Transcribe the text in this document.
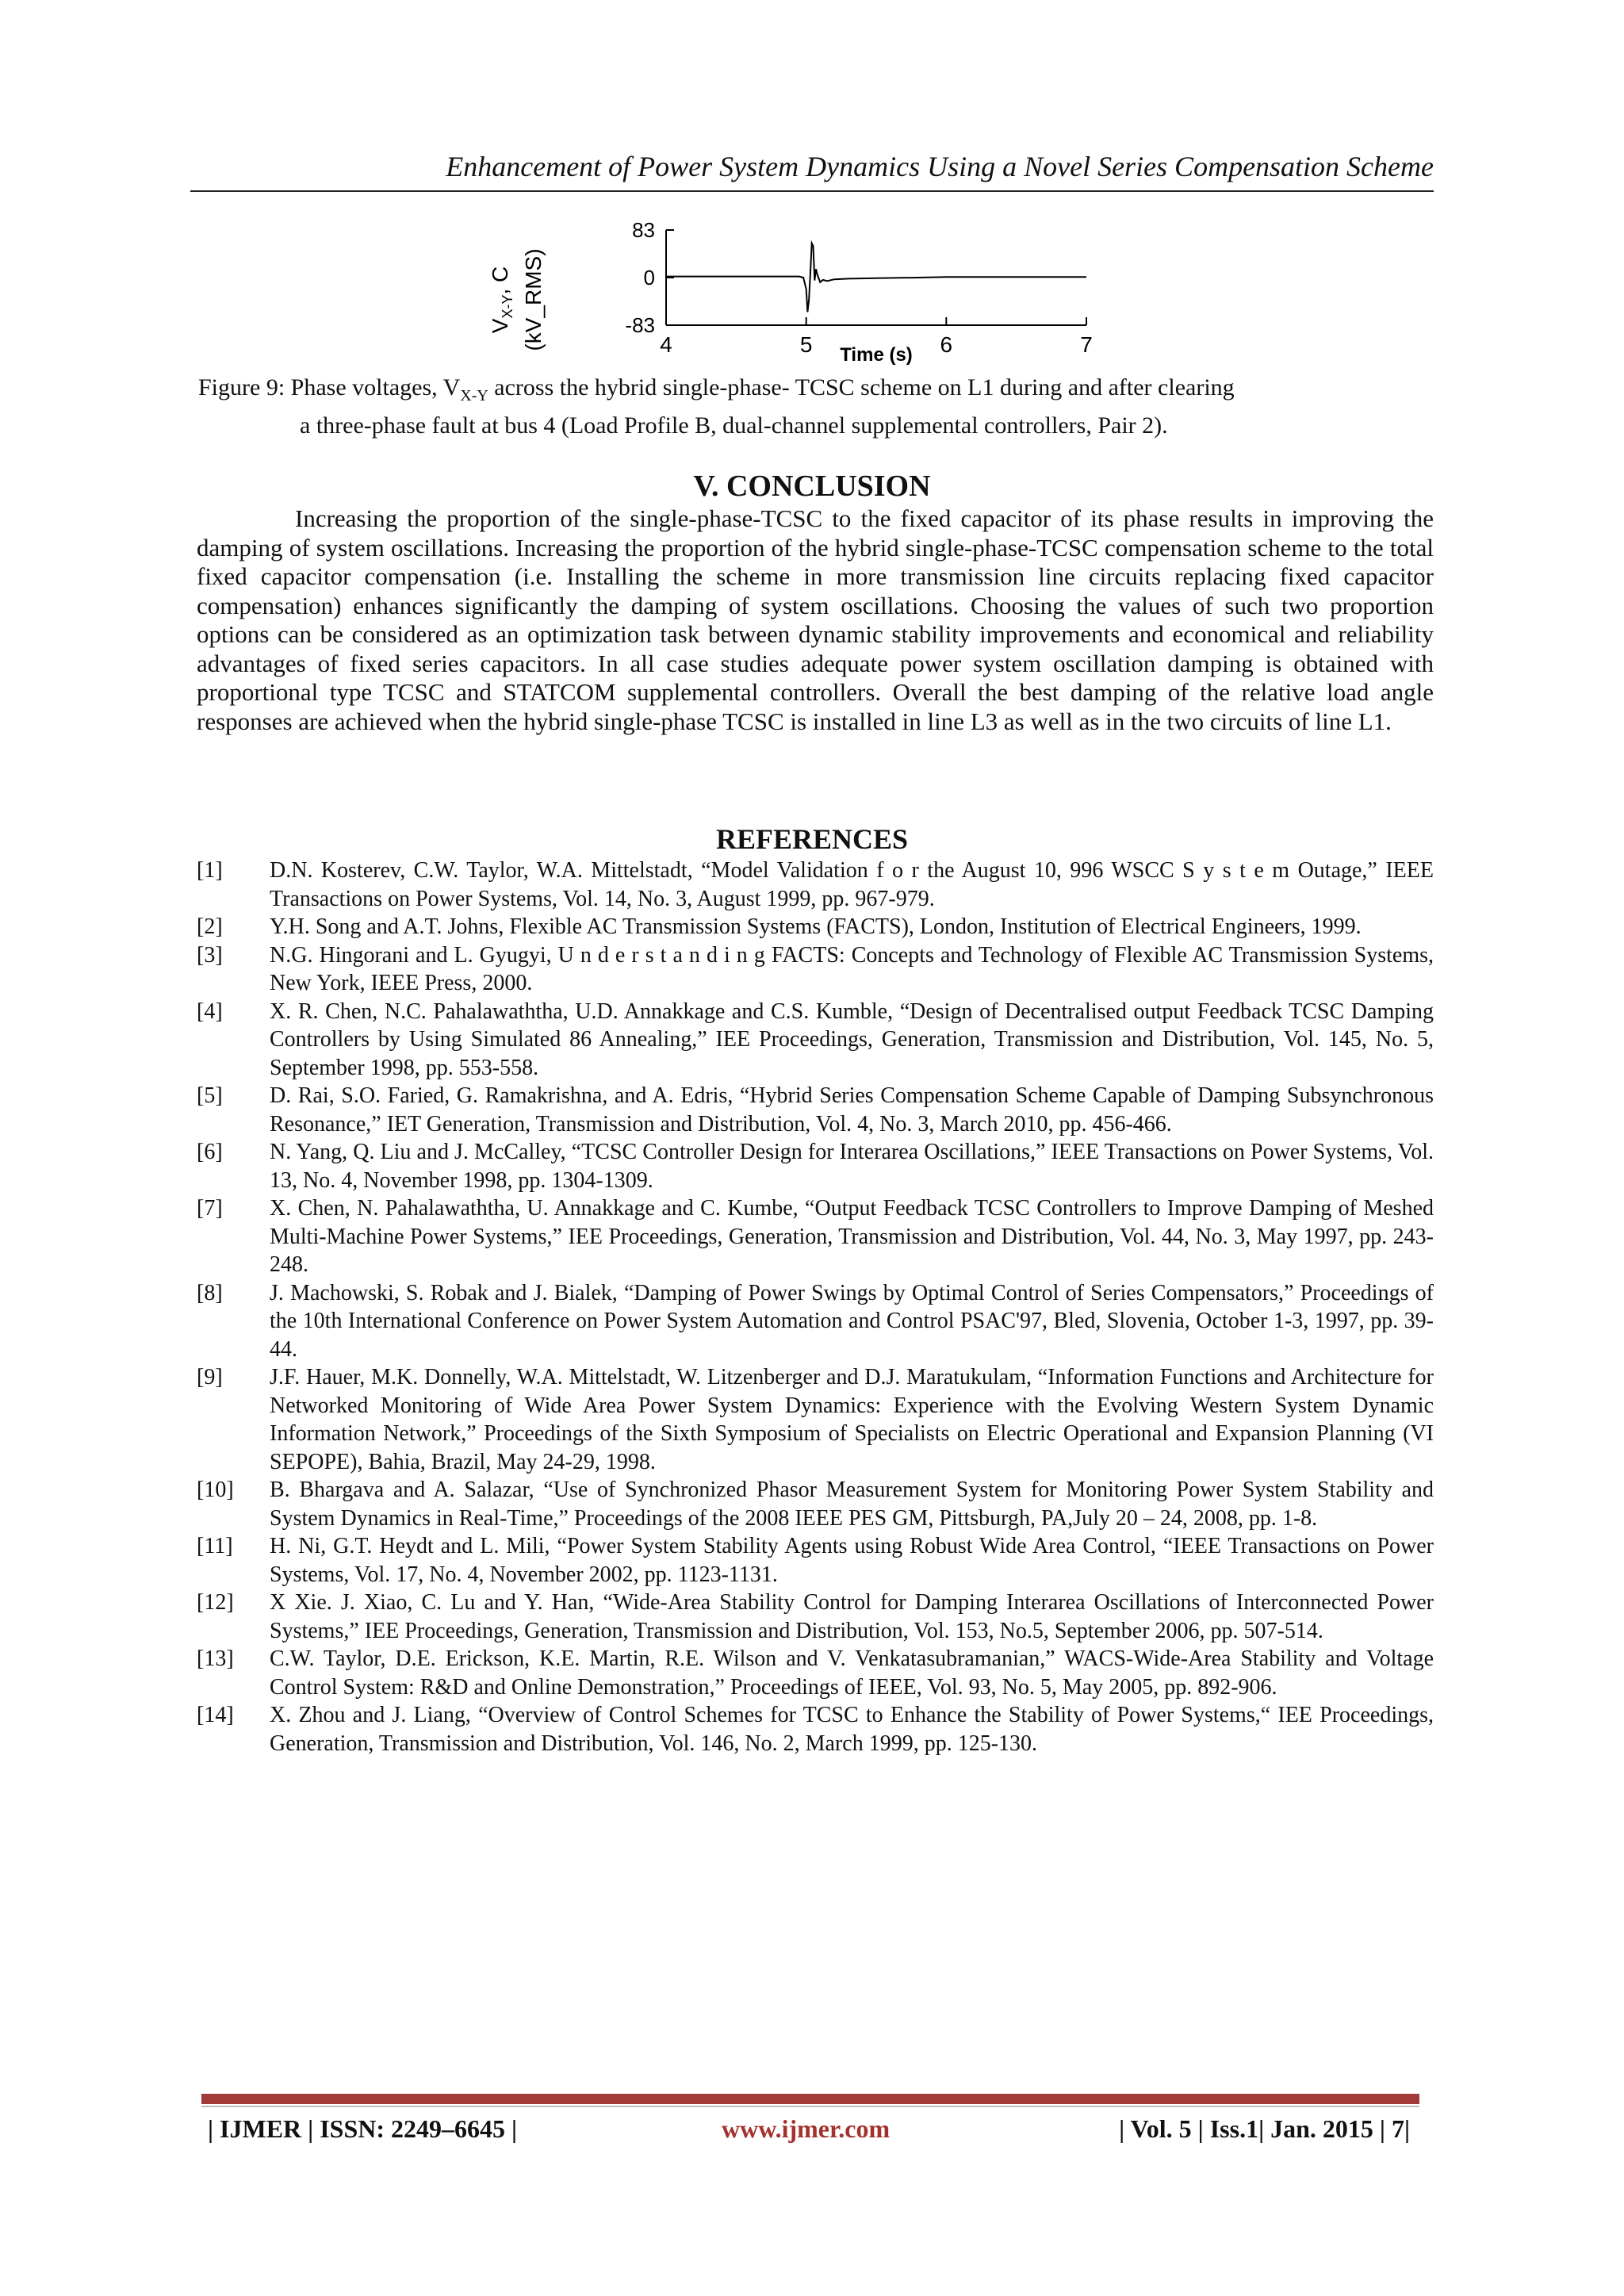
Enhancement of Power System Dynamics Using a Novel Series Compensation Scheme
$V_{X-Y}$, C (kV_RMS)
83
0
-83
4	5	6	7
Time (s)
Figure 9: Phase voltages, $V_{X-Y}$ across the hybrid single-phase- TCSC scheme on L1 during and after clearing
a three-phase fault at bus 4 (Load Profile B, dual-channel supplemental controllers, Pair 2).
V. CONCLUSION

Increasing the proportion of the single-phase-TCSC to the fixed capacitor of its phase results in improving the damping of system oscillations. Increasing the proportion of the hybrid single-phase-TCSC compensation scheme to the total fixed capacitor compensation (i.e. Installing the scheme in more transmission line circuits replacing fixed capacitor compensation) enhances significantly the damping of system oscillations. Choosing the values of such two proportion options can be considered as an optimization task between dynamic stability improvements and economical and reliability advantages of fixed series capacitors. In all case studies adequate power system oscillation damping is obtained with proportional type TCSC and STATCOM supplemental controllers. Overall the best damping of the relative load angle responses are achieved when the hybrid single-phase TCSC is installed in line L3 as well as in the two circuits of line L1.

REFERENCES
[1]	D.N. Kosterev, C.W. Taylor, W.A. Mittelstadt, “Model Validation f o r the August 10, 996 WSCC S y s t e m Outage,” IEEE Transactions on Power Systems, Vol. 14, No. 3, August 1999, pp. 967-979.
[2]	Y.H. Song and A.T. Johns, Flexible AC Transmission Systems (FACTS), London, Institution of Electrical Engineers, 1999.
[3]	N.G. Hingorani and L. Gyugyi, U n d e r s t a n d i n g FACTS: Concepts and Technology of Flexible AC Transmission Systems, New York, IEEE Press, 2000.
[4]	X. R. Chen, N.C. Pahalawaththa, U.D. Annakkage and C.S. Kumble, “Design of Decentralised output Feedback TCSC Damping Controllers by Using Simulated 86 Annealing,” IEE Proceedings, Generation, Transmission and Distribution, Vol. 145, No. 5, September 1998, pp. 553-558.
[5]	D. Rai, S.O. Faried, G. Ramakrishna, and A. Edris, “Hybrid Series Compensation Scheme Capable of Damping Subsynchronous Resonance,” IET Generation, Transmission and Distribution, Vol. 4, No. 3, March 2010, pp. 456-466.
[6]	N. Yang, Q. Liu and J. McCalley, “TCSC Controller Design for Interarea Oscillations,” IEEE Transactions on Power Systems, Vol. 13, No. 4, November 1998, pp. 1304-1309.
[7]	X. Chen, N. Pahalawaththa, U. Annakkage and C. Kumbe, “Output Feedback TCSC Controllers to Improve Damping of Meshed Multi-Machine Power Systems,” IEE Proceedings, Generation, Transmission and Distribution, Vol. 44, No. 3, May 1997, pp. 243-248.
[8]	J. Machowski, S. Robak and J. Bialek, “Damping of Power Swings by Optimal Control of Series Compensators,” Proceedings of the 10th International Conference on Power System Automation and Control PSAC'97, Bled, Slovenia, October 1-3, 1997, pp. 39-44.
[9]	J.F. Hauer, M.K. Donnelly, W.A. Mittelstadt, W. Litzenberger and D.J. Maratukulam, “Information Functions and Architecture for Networked Monitoring of Wide Area Power System Dynamics: Experience with the Evolving Western System Dynamic Information Network,” Proceedings of the Sixth Symposium of Specialists on Electric Operational and Expansion Planning (VI SEPOPE), Bahia, Brazil, May 24-29, 1998.
[10]	B. Bhargava and A. Salazar, “Use of Synchronized Phasor Measurement System for Monitoring Power System Stability and System Dynamics in Real-Time,” Proceedings of the 2008 IEEE PES GM, Pittsburgh, PA,July 20 – 24, 2008, pp. 1-8.
[11]	H. Ni, G.T. Heydt and L. Mili, “Power System Stability Agents using Robust Wide Area Control, “IEEE Transactions on Power Systems, Vol. 17, No. 4, November 2002, pp. 1123-1131.
[12]	X Xie. J. Xiao, C. Lu and Y. Han, “Wide-Area Stability Control for Damping Interarea Oscillations of Interconnected Power Systems,” IEE Proceedings, Generation, Transmission and Distribution, Vol. 153, No.5, September 2006, pp. 507-514.
[13]	C.W. Taylor, D.E. Erickson, K.E. Martin, R.E. Wilson and V. Venkatasubramanian,” WACS-Wide-Area Stability and Voltage Control System: R&D and Online Demonstration,” Proceedings of IEEE, Vol. 93, No. 5, May 2005, pp. 892-906.
[14]	X. Zhou and J. Liang, “Overview of Control Schemes for TCSC to Enhance the Stability of Power Systems,“ IEE Proceedings, Generation, Transmission and Distribution, Vol. 146, No. 2, March 1999, pp. 125-130.
| IJMER | ISSN: 2249–6645 |	www.ijmer.com	| Vol. 5 | Iss.1| Jan. 2015 | 7|
